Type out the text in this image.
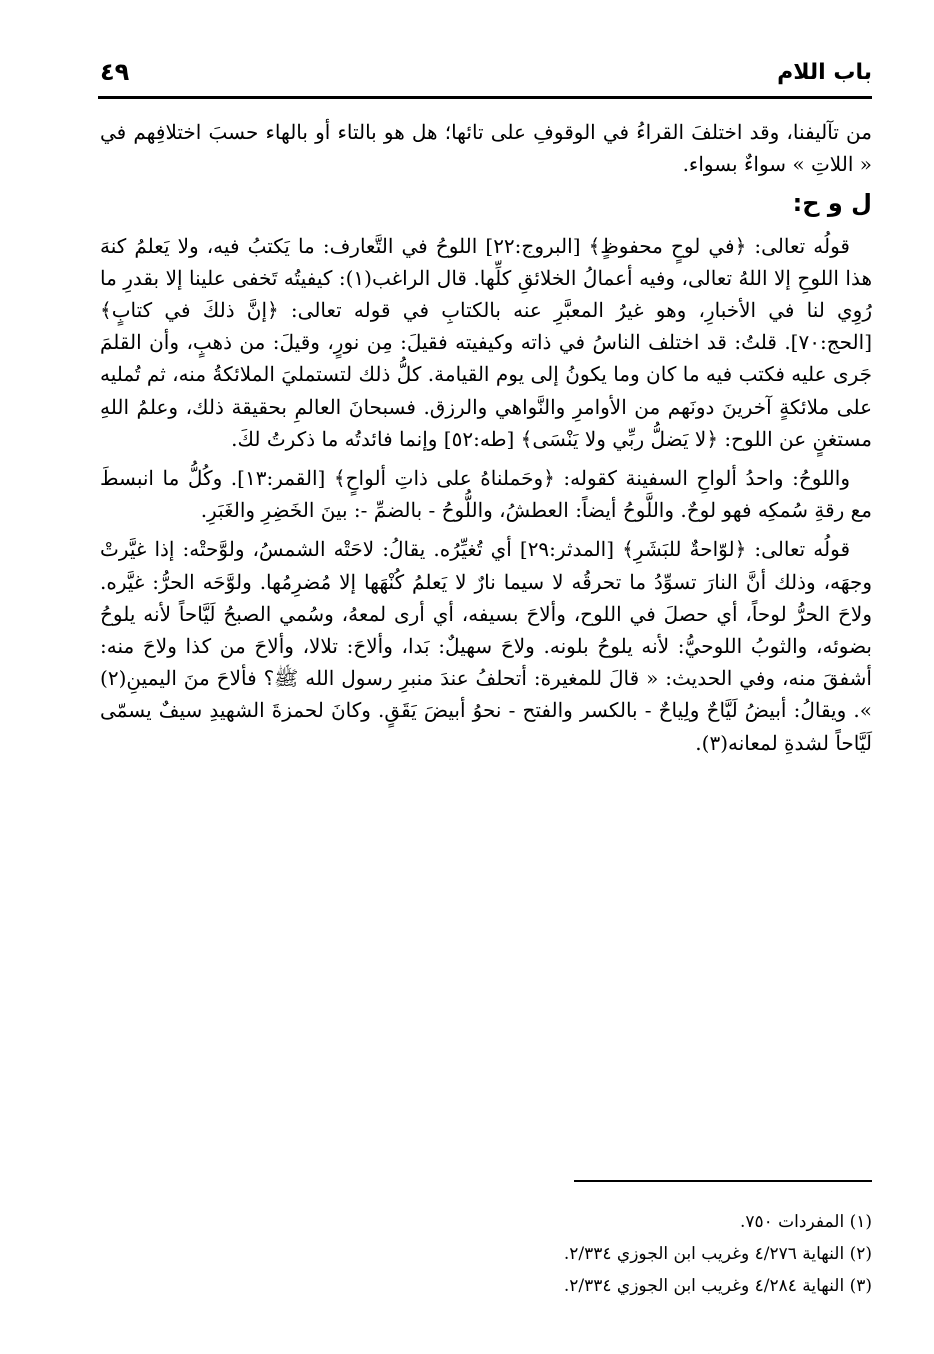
باب اللام
٤٩

من تآليفنا، وقد اختلفَ القراءُ في الوقوفِ على تائها؛ هل هو بالتاء أو بالهاء حسبَ اختلافِهم في « اللاتِ » سواءٌ بسواء.

ل و ح:

قولُه تعالى: ﴿في لوحٍ محفوظٍ﴾ [البروج:٢٢] اللوحُ في التَّعارف: ما يَكتبُ فيه، ولا يَعلمُ كنهَ هذا اللوحِ إلا اللهُ تعالى، وفيه أعمالُ الخلائقِ كلِّها. قال الراغب(١): كيفيتُه تَخفى علينا إلا بقدرِ ما رُوِي لنا في الأخبارِ، وهو غيرُ المعبَّرِ عنه بالكتابِ في قوله تعالى: ﴿إنَّ ذلكَ في كتابٍ﴾ [الحج:٧٠]. قلتُ: قد اختلف الناسُ في ذاته وكيفيته فقيلَ: مِن نورٍ، وقيلَ: من ذهبٍ، وأن القلمَ جَرى عليه فكتب فيه ما كان وما يكونُ إلى يوم القيامة. كلُّ ذلك لتستمليَ الملائكةُ منه، ثم تُمليه على ملائكةٍ آخرينَ دونَهم من الأوامرِ والنَّواهي والرزق. فسبحانَ العالمِ بحقيقة ذلك، وعلمُ اللهِ مستغنٍ عن اللوح: ﴿لا يَضلُّ ربِّي ولا يَنْسَى﴾ [طه:٥٢] وإنما فائدتُه ما ذكرتُ لكَ.

واللوحُ: واحدُ ألواحِ السفينة كقوله: ﴿وحَملناهُ على ذاتِ ألواحٍ﴾ [القمر:١٣]. وكُلُّ ما انبسطَ مع رقةِ سُمكِه فهو لوحٌ. واللَّوحُ أيضاً: العطشُ، واللُّوحُ - بالضمِّ -: بينَ الخَضِرِ والغَبَرِ.

قولُه تعالى: ﴿لوّاحةٌ للبَشَرِ﴾ [المدثر:٢٩] أي تُغيِّرُه. يقالُ: لاحَتْه الشمسُ، ولوَّحتْه: إذا غيَّرتْ وجهَه، وذلك أنَّ النارَ تسوِّدُ ما تحرقُه لا سيما نارٌ لا يَعلمُ كُنْهَها إلا مُضرِمُها. ولوَّحَه الحرُّ: غيَّره. ولاحَ الحرُّ لوحاً، أي حصلَ في اللوح، وألاحَ بسيفه، أي أرى لمعهُ، وسُمي الصبحُ لَيَّاحاً لأنه يلوحُ بضوئه، والثوبُ اللوحيُّ: لأنه يلوحُ بلونه. ولاحَ سهيلٌ: بَدا، وألاحَ: تلالا، وألاحَ من كذا ولاحَ منه: أشفقَ منه، وفي الحديث: « قالَ للمغيرة: أتحلفُ عندَ منبرِ رسول الله ﷺ؟ فألاحَ منَ اليمينِ(٢) ». ويقالُ: أبيضُ لَيَّاحٌ ولِياحٌ - بالكسر والفتح - نحوُ أبيضَ يَقَقٍ. وكانَ لحمزةَ الشهيدِ سيفٌ يسمّى لَيَّاحاً لشدةِ لمعانه(٣).

(١) المفردات ٧٥٠.

(٢) النهاية ٤/٢٧٦ وغريب ابن الجوزي ٢/٣٣٤.

(٣) النهاية ٤/٢٨٤ وغريب ابن الجوزي ٢/٣٣٤.
